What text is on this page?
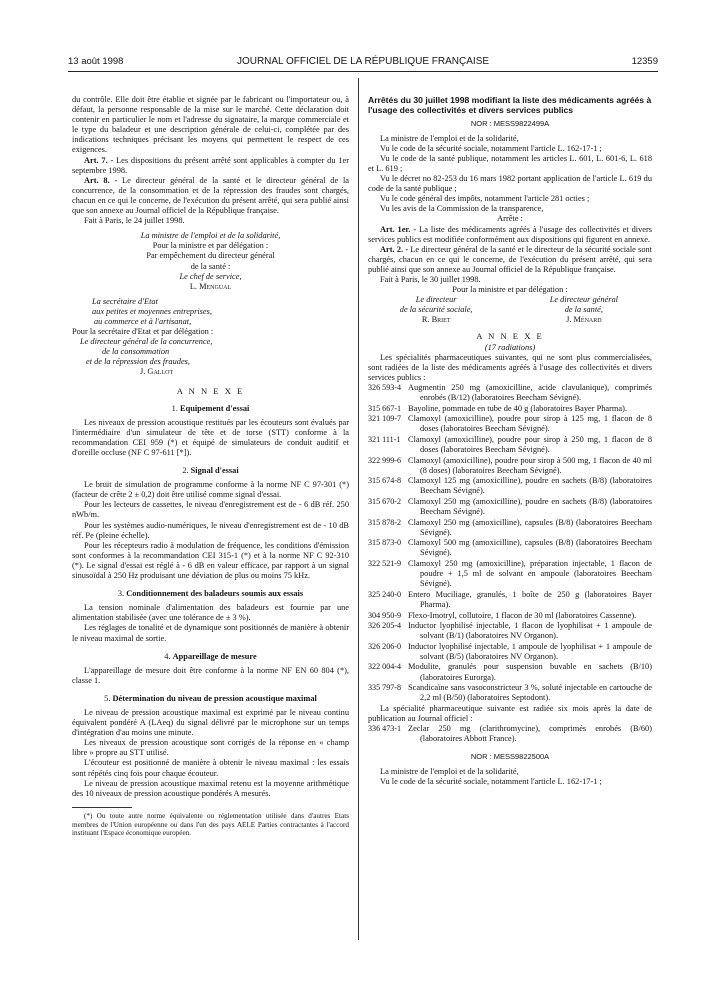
13 août 1998	JOURNAL OFFICIEL DE LA RÉPUBLIQUE FRANÇAISE	12359

du contrôle. Elle doit être établie et signée par le fabricant ou l'importateur ou, à défaut, la personne responsable de la mise sur le marché. Cette déclaration doit contenir en particulier le nom et l'adresse du signataire, la marque commerciale et le type du baladeur et une description générale de celui-ci, complétée par des indications techniques précisant les moyens qui permettent le respect de ces exigences.

Art. 7. - Les dispositions du présent arrêté sont applicables à compter du 1er septembre 1998.

Art. 8. - Le directeur général de la santé et le directeur général de la concurrence, de la consommation et de la répression des fraudes sont chargés, chacun en ce qui le concerne, de l'exécution du présent arrêté, qui sera publié ainsi que son annexe au Journal officiel de la République française.

Fait à Paris, le 24 juillet 1998.

La ministre de l'emploi et de la solidarité,

Pour la ministre et par délégation :

Par empêchement du directeur général

de la santé :

Le chef de service,

L. Mengual

La secrétaire d'Etat

aux petites et moyennes entreprises,

au commerce et à l'artisanat,

Pour la secrétaire d'Etat et par délégation :

Le directeur général de la concurrence,

de la consommation

et de la répression des fraudes,

J. Gallot

A N N E X E

1. Equipement d'essai

Les niveaux de pression acoustique restitués par les écouteurs sont évalués par l'intermédiaire d'un simulateur de tête et de torse (STT) conforme à la recommandation CEI 959 (*) et équipé de simulateurs de conduit auditif et d'oreille occluse (NF C 97-611 [*]).

2. Signal d'essai

Le bruit de simulation de programme conforme à la norme NF C 97-301 (*) (facteur de crête 2 ± 0,2) doit être utilisé comme signal d'essai.

Pour les lecteurs de cassettes, le niveau d'enregistrement est de - 6 dB réf. 250 nWb/m.

Pour les systèmes audio-numériques, le niveau d'enregistrement est de - 10 dB réf. Pe (pleine échelle).

Pour les récepteurs radio à modulation de fréquence, les conditions d'émission sont conformes à la recommandation CEI 315-1 (*) et à la norme NF C 92-310 (*). Le signal d'essai est réglé à - 6 dB en valeur efficace, par rapport à un signal sinusoïdal à 250 Hz produisant une déviation de plus ou moins 75 kHz.

3. Conditionnement des baladeurs soumis aux essais

La tension nominale d'alimentation des baladeurs est fournie par une alimentation stabilisée (avec une tolérance de ± 3 %).

Les réglages de tonalité et de dynamique sont positionnés de manière à obtenir le niveau maximal de sortie.

4. Appareillage de mesure

L'appareillage de mesure doit être conforme à la norme NF EN 60 804 (*), classe 1.

5. Détermination du niveau de pression acoustique maximal

Le niveau de pression acoustique maximal est exprimé par le niveau continu équivalent pondéré A (LAeq) du signal délivré par le microphone sur un temps d'intégration d'au moins une minute.

Les niveaux de pression acoustique sont corrigés de la réponse en « champ libre » propre au STT utilisé.

L'écouteur est positionné de manière à obtenir le niveau maximal : les essais sont répétés cinq fois pour chaque écouteur.

Le niveau de pression acoustique maximal retenu est la moyenne arithmétique des 10 niveaux de pression acoustique pondérés A mesurés.

(*) Ou toute autre norme équivalente ou réglementation utilisée dans d'autres Etats membres de l'Union européenne ou dans l'un des pays AELE Parties contractantes à l'accord instituant l'Espace économique européen.

Arrêtés du 30 juillet 1998 modifiant la liste des médicaments agréés à l'usage des collectivités et divers services publics

NOR : MESS9822499A

La ministre de l'emploi et de la solidarité,

Vu le code de la sécurité sociale, notamment l'article L. 162-17-1 ;

Vu le code de la santé publique, notamment les articles L. 601, L. 601-6, L. 618 et L. 619 ;

Vu le décret no 82-253 du 16 mars 1982 portant application de l'article L. 619 du code de la santé publique ;

Vu le code général des impôts, notamment l'article 281 octies ;

Vu les avis de la Commission de la transparence,

Arrête :

Art. 1er. - La liste des médicaments agréés à l'usage des collectivités et divers services publics est modifiée conformément aux dispositions qui figurent en annexe.

Art. 2. - Le directeur général de la santé et le directeur de la sécurité sociale sont chargés, chacun en ce qui le concerne, de l'exécution du présent arrêté, qui sera publié ainsi que son annexe au Journal officiel de la République française.

Fait à Paris, le 30 juillet 1998.

Pour la ministre et par délégation :

Le directeur

de la sécurité sociale,

R. Briet

Le directeur général

de la santé,

J. Ménard

A N N E X E

(17 radiations)

Les spécialités pharmaceutiques suivantes, qui ne sont plus commercialisées, sont radiées de la liste des médicaments agréés à l'usage des collectivités et divers services publics :

326 593-4 Augmentin 250 mg (amoxicilline, acide clavulanique), comprimés enrobés (B/12) (laboratoires Beecham Sévigné).
315 667-1 Bayoline, pommade en tube de 40 g (laboratoires Bayer Pharma).
321 109-7 Clamoxyl (amoxicilline), poudre pour sirop à 125 mg, 1 flacon de 8 doses (laboratoires Beecham Sévigné).
321 111-1 Clamoxyl (amoxicilline), poudre pour sirop à 250 mg, 1 flacon de 8 doses (laboratoires Beecham Sévigné).
322 999-6 Clamoxyl (amoxicilline), poudre pour sirop à 500 mg, 1 flacon de 40 ml (8 doses) (laboratoires Beecham Sévigné).
315 674-8 Clamoxyl 125 mg (amoxicilline), poudre en sachets (B/8) (laboratoires Beecham Sévigné).
315 670-2 Clamoxyl 250 mg (amoxicilline), poudre en sachets (B/8) (laboratoires Beecham Sévigné).
315 878-2 Clamoxyl 250 mg (amoxicilline), capsules (B/8) (laboratoires Beecham Sévigné).
315 873-0 Clamoxyl 500 mg (amoxicilline), capsules (B/8) (laboratoires Beecham Sévigné).
322 521-9 Clamoxyl 250 mg (amoxicilline), préparation injectable, 1 flacon de poudre + 1,5 ml de solvant en ampoule (laboratoires Beecham Sévigné).
325 240-0 Entero Muciliage, granulés, 1 boîte de 250 g (laboratoires Bayer Pharma).
304 950-9 Flexo-Imotryl, collutoire, 1 flacon de 30 ml (laboratoires Cassenne).
326 205-4 Inductor lyophilisé injectable, 1 flacon de lyophilisat + 1 ampoule de solvant (B/1) (laboratoires NV Organon).
326 206-0 Inductor lyophilisé injectable, 1 ampoule de lyophilisat + 1 ampoule de solvant (B/5) (laboratoires NV Organon).
322 004-4 Modulite, granulés pour suspension buvable en sachets (B/10) (laboratoires Eurorga).
335 797-8 Scandicaïne sans vasoconstricteur 3 %, soluté injectable en cartouche de 2,2 ml (B/50) (laboratoires Septodont).

La spécialité pharmaceutique suivante est radiée six mois après la date de publication au Journal officiel :

336 473-1 Zeclar 250 mg (clarithromycine), comprimés enrobés (B/60) (laboratoires Abbott France).

NOR : MESS9822500A

La ministre de l'emploi et de la solidarité,

Vu le code de la sécurité sociale, notamment l'article L. 162-17-1 ;
